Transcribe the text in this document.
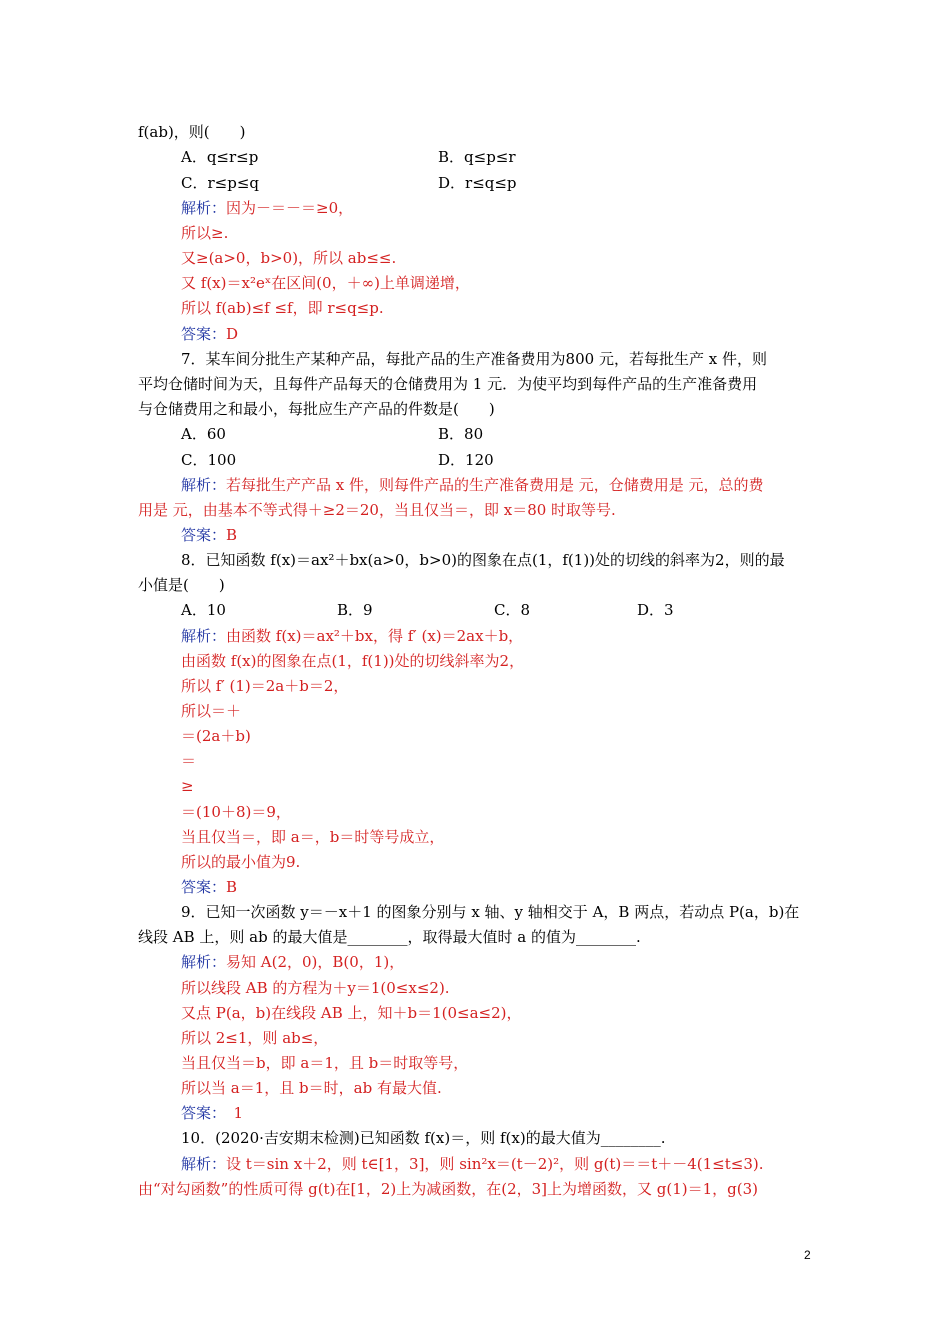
f(ab)，则(　　)
A．q≤r≤p	B．q≤p≤r
C．r≤p≤q	D．r≤q≤p
解析：因为－＝－＝≥0，
所以≥.
又≥(a>0，b>0)，所以 ab≤≤.
又 f(x)＝x²eˣ在区间(0，＋∞)上单调递增，
所以 f(ab)≤f ≤f，即 r≤q≤p.
答案：D
7．某车间分批生产某种产品，每批产品的生产准备费用为800 元，若每批生产 x 件，则
平均仓储时间为天，且每件产品每天的仓储费用为 1 元．为使平均到每件产品的生产准备费用
与仓储费用之和最小，每批应生产产品的件数是(　　)
A．60	B．80
C．100	D．120
解析：若每批生产产品 x 件，则每件产品的生产准备费用是 元，仓储费用是 元，总的费
用是 元，由基本不等式得＋≥2＝20，当且仅当＝，即 x＝80 时取等号.
答案：B
8．已知函数 f(x)＝ax²＋bx(a>0，b>0)的图象在点(1，f(1))处的切线的斜率为2，则的最
小值是(　　)
A．10	B．9	C．8	D．3
解析：由函数 f(x)＝ax²＋bx，得 f′ (x)＝2ax＋b，
由函数 f(x)的图象在点(1，f(1))处的切线斜率为2，
所以 f′ (1)＝2a＋b＝2，
所以＝＋
＝(2a＋b)
＝
≥
＝(10＋8)＝9，
当且仅当＝，即 a＝，b＝时等号成立，
所以的最小值为9.
答案：B
9．已知一次函数 y＝－x＋1 的图象分别与 x 轴、y 轴相交于 A，B 两点，若动点 P(a，b)在
线段 AB 上，则 ab 的最大值是________，取得最大值时 a 的值为________.
解析：易知 A(2，0)，B(0，1)，
所以线段 AB 的方程为＋y＝1(0≤x≤2).
又点 P(a，b)在线段 AB 上，知＋b＝1(0≤a≤2)，
所以 2≤1，则 ab≤，
当且仅当＝b，即 a＝1，且 b＝时取等号，
所以当 a＝1，且 b＝时，ab 有最大值.
答案：　1
10．(2020·吉安期末检测)已知函数 f(x)＝，则 f(x)的最大值为________.
解析：设 t＝sin x＋2，则 t∈[1，3]，则 sin²x＝(t－2)²，则 g(t)＝＝t＋－4(1≤t≤3).
由“对勾函数”的性质可得 g(t)在[1，2)上为减函数，在(2，3]上为增函数，又 g(1)＝1，g(3)
2
